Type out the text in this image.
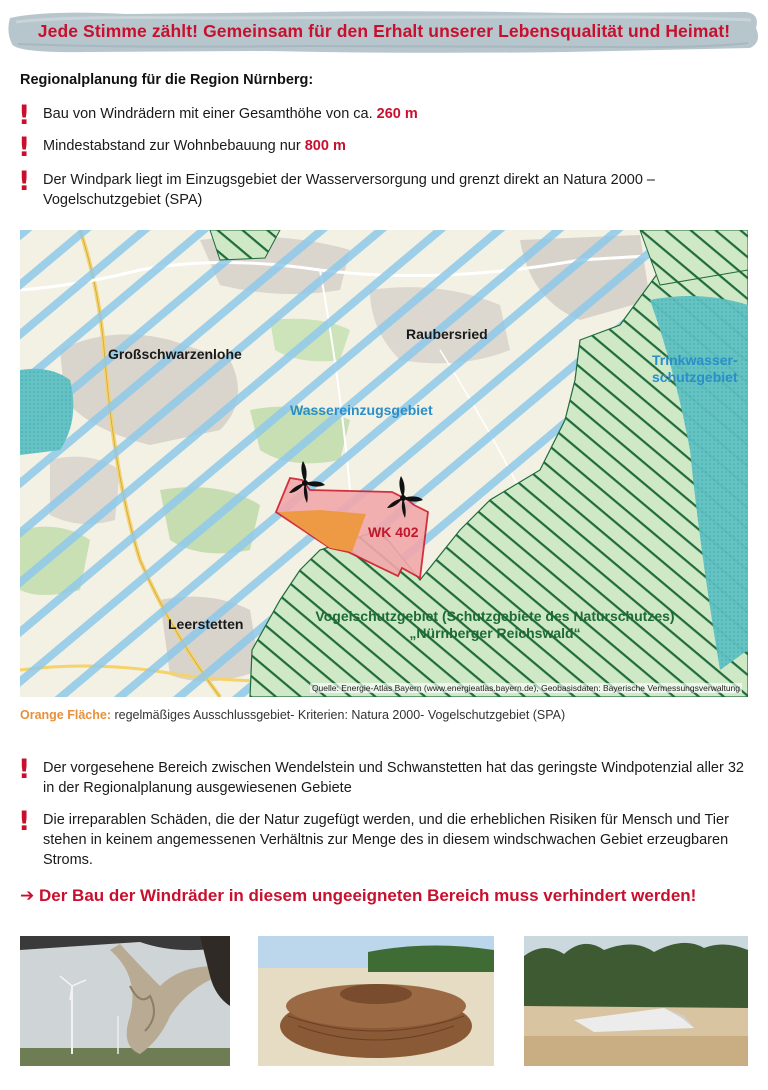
Jede Stimme zählt! Gemeinsam für den Erhalt unserer Lebensqualität und Heimat!
Regionalplanung für die Region Nürnberg:
! Bau von Windrädern mit einer Gesamthöhe von ca. 260 m
! Mindestabstand zur Wohnbebauung nur 800 m
! Der Windpark liegt im Einzugsgebiet der Wasserversorgung und grenzt direkt an Natura 2000 – Vogelschutzgebiet (SPA)
Großschwarzenlohe
Raubersried
Leerstetten
Wassereinzugsgebiet
Trinkwasser-
schutzgebiet
WK 402
Vogelschutzgebiet (Schutzgebiete des Naturschutzes)
„Nürnberger Reichswald“
Quelle: Energie-Atlas Bayern (www.energieatlas.bayern.de), Geobasisdaten: Bayerische Vermessungsverwaltung
Orange Fläche: regelmäßiges Ausschlussgebiet- Kriterien: Natura 2000- Vogelschutzgebiet (SPA)
! Der vorgesehene Bereich zwischen Wendelstein und Schwanstetten hat das geringste Windpotenzial aller 32 in der Regionalplanung ausgewiesenen Gebiete
! Die irreparablen Schäden, die der Natur zugefügt werden, und die erheblichen Risiken für Mensch und Tier stehen in keinem angemessenen Verhältnis zur Menge des in diesem windschwachen Gebiet erzeugbaren Stroms.
➔ Der Bau der Windräder in diesem ungeeigneten Bereich muss verhindert werden!
